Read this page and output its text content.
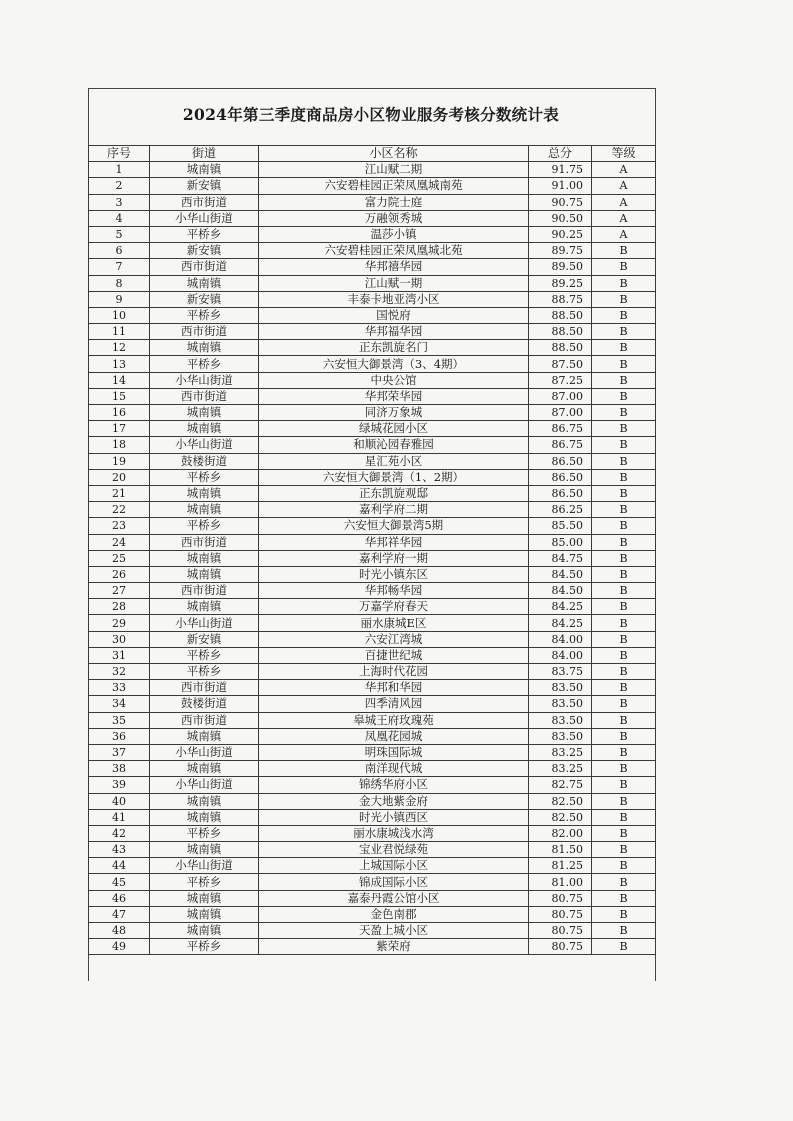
2024年第三季度商品房小区物业服务考核分数统计表
序号	街道	小区名称	总分	等级
1	城南镇	江山赋二期	91.75	A
2	新安镇	六安碧桂园正荣凤凰城南苑	91.00	A
3	西市街道	富力院士庭	90.75	A
4	小华山街道	万融领秀城	90.50	A
5	平桥乡	温莎小镇	90.25	A
6	新安镇	六安碧桂园正荣凤凰城北苑	89.75	B
7	西市街道	华邦禧华园	89.50	B
8	城南镇	江山赋一期	89.25	B
9	新安镇	丰泰卡地亚湾小区	88.75	B
10	平桥乡	国悦府	88.50	B
11	西市街道	华邦福华园	88.50	B
12	城南镇	正东凯旋名门	88.50	B
13	平桥乡	六安恒大御景湾（3、4期）	87.50	B
14	小华山街道	中央公馆	87.25	B
15	西市街道	华邦荣华园	87.00	B
16	城南镇	同济万象城	87.00	B
17	城南镇	绿城花园小区	86.75	B
18	小华山街道	和顺沁园春雅园	86.75	B
19	鼓楼街道	星汇苑小区	86.50	B
20	平桥乡	六安恒大御景湾（1、2期）	86.50	B
21	城南镇	正东凯旋观邸	86.50	B
22	城南镇	嘉利学府二期	86.25	B
23	平桥乡	六安恒大御景湾5期	85.50	B
24	西市街道	华邦祥华园	85.00	B
25	城南镇	嘉利学府一期	84.75	B
26	城南镇	时光小镇东区	84.50	B
27	西市街道	华邦畅华园	84.50	B
28	城南镇	万嘉学府春天	84.25	B
29	小华山街道	丽水康城E区	84.25	B
30	新安镇	六安江湾城	84.00	B
31	平桥乡	百捷世纪城	84.00	B
32	平桥乡	上海时代花园	83.75	B
33	西市街道	华邦和华园	83.50	B
34	鼓楼街道	四季清风园	83.50	B
35	西市街道	皋城王府玫瑰苑	83.50	B
36	城南镇	凤凰花园城	83.50	B
37	小华山街道	明珠国际城	83.25	B
38	城南镇	南洋现代城	83.25	B
39	小华山街道	锦绣华府小区	82.75	B
40	城南镇	金大地紫金府	82.50	B
41	城南镇	时光小镇西区	82.50	B
42	平桥乡	丽水康城浅水湾	82.00	B
43	城南镇	宝业君悦绿苑	81.50	B
44	小华山街道	上城国际小区	81.25	B
45	平桥乡	锦成国际小区	81.00	B
46	城南镇	嘉泰丹霞公馆小区	80.75	B
47	城南镇	金色南郡	80.75	B
48	城南镇	天盈上城小区	80.75	B
49	平桥乡	紫荣府	80.75	B
